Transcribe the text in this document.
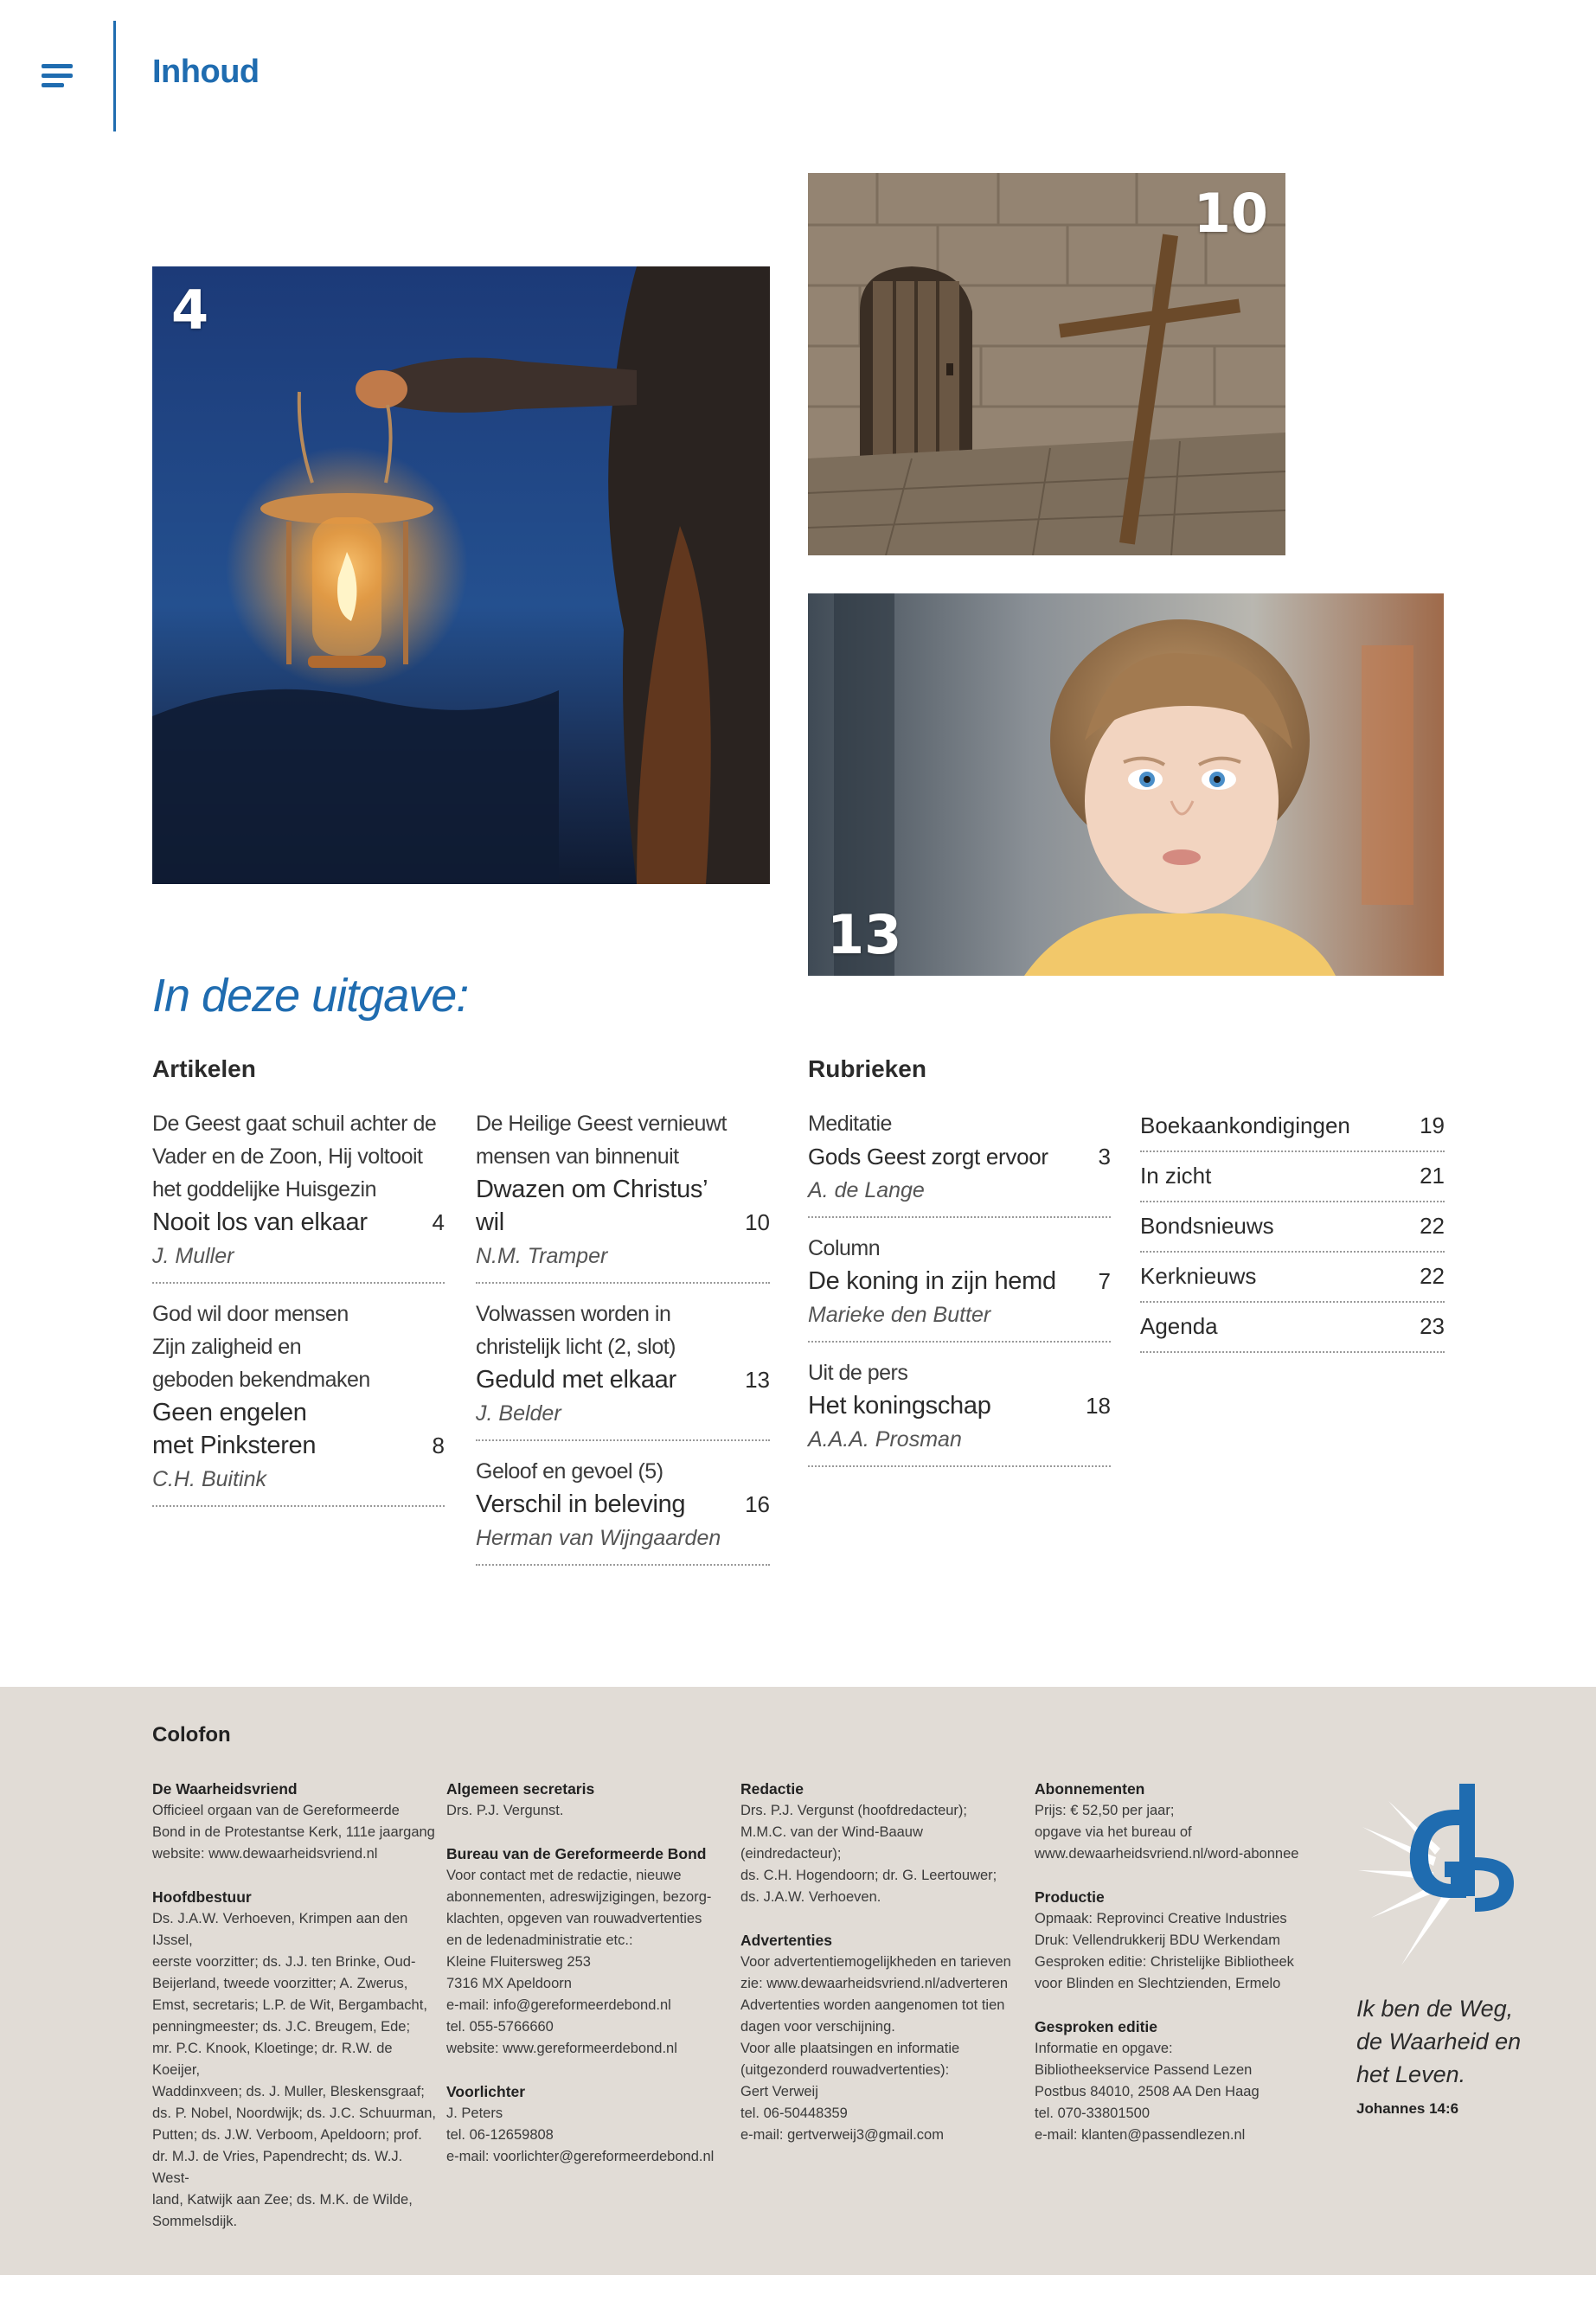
Inhoud
4
10
13
In deze uitgave:
Artikelen	Rubrieken
De Geest gaat schuil achter de
Vader en de Zoon, Hij voltooit
het goddelijke Huisgezin
Nooit los van elkaar	4
J. Muller
God wil door mensen
Zijn zaligheid en
geboden bekendmaken
Geen engelen
met Pinksteren	8
C.H. Buitink
De Heilige Geest vernieuwt
mensen van binnenuit
Dwazen om Christus’ wil	10
N.M. Tramper
Volwassen worden in
christelijk licht (2, slot)
Geduld met elkaar	13
J. Belder
Geloof en gevoel (5)
Verschil in beleving	16
Herman van Wijngaarden
Meditatie
Gods Geest zorgt ervoor	3
A. de Lange
Column
De koning in zijn hemd	7
Marieke den Butter
Uit de pers
Het koningschap	18
A.A.A. Prosman
Boekaankondigingen	19
In zicht	21
Bondsnieuws	22
Kerknieuws	22
Agenda	23
Colofon
De Waarheidsvriend
Officieel orgaan van de Gereformeerde
Bond in de Protestantse Kerk, 111e jaargang
website: www.dewaarheidsvriend.nl
Hoofdbestuur
Ds. J.A.W. Verhoeven, Krimpen aan den IJssel,
eerste voorzitter; ds. J.J. ten Brinke, Oud-
Beijerland, tweede voorzitter; A. Zwerus,
Emst, secretaris; L.P. de Wit, Bergambacht,
penningmeester; ds. J.C. Breugem, Ede;
mr. P.C. Knook, Kloetinge; dr. R.W. de Koeijer,
Waddinxveen; ds. J. Muller, Bleskensgraaf;
ds. P. Nobel, Noordwijk; ds. J.C. Schuurman,
Putten; ds. J.W. Verboom, Apeldoorn; prof.
dr. M.J. de Vries, Papendrecht; ds. W.J. West-
land, Katwijk aan Zee; ds. M.K. de Wilde,
Sommelsdijk.
Algemeen secretaris
Drs. P.J. Vergunst.
Bureau van de Gereformeerde Bond
Voor contact met de redactie, nieuwe
abonnementen, adreswijzigingen, bezorg-
klachten, opgeven van rouwadvertenties
en de ledenadministratie etc.:
Kleine Fluitersweg 253
7316 MX Apeldoorn
e-mail: info@gereformeerdebond.nl
tel. 055-5766660
website: www.gereformeerdebond.nl
Voorlichter
J. Peters
tel. 06-12659808
e-mail: voorlichter@gereformeerdebond.nl
Redactie
Drs. P.J. Vergunst (hoofdredacteur);
M.M.C. van der Wind-Baauw (eindredacteur);
ds. C.H. Hogendoorn; dr. G. Leertouwer;
ds. J.A.W. Verhoeven.
Advertenties
Voor advertentiemogelijkheden en tarieven
zie: www.dewaarheidsvriend.nl/adverteren
Advertenties worden aangenomen tot tien
dagen voor verschijning.
Voor alle plaatsingen en informatie
(uitgezonderd rouwadvertenties):
Gert Verweij
tel. 06-50448359
e-mail: gertverweij3@gmail.com
Abonnementen
Prijs: € 52,50 per jaar;
opgave via het bureau of
www.dewaarheidsvriend.nl/word-abonnee
Productie
Opmaak: Reprovinci Creative Industries
Druk: Vellendrukkerij BDU Werkendam
Gesproken editie: Christelijke Bibliotheek
voor Blinden en Slechtzienden, Ermelo
Gesproken editie
Informatie en opgave:
Bibliotheekservice Passend Lezen
Postbus 84010, 2508 AA Den Haag
tel. 070-33801500
e-mail: klanten@passendlezen.nl
Ik ben de Weg,
de Waarheid en
het Leven.
Johannes 14:6
